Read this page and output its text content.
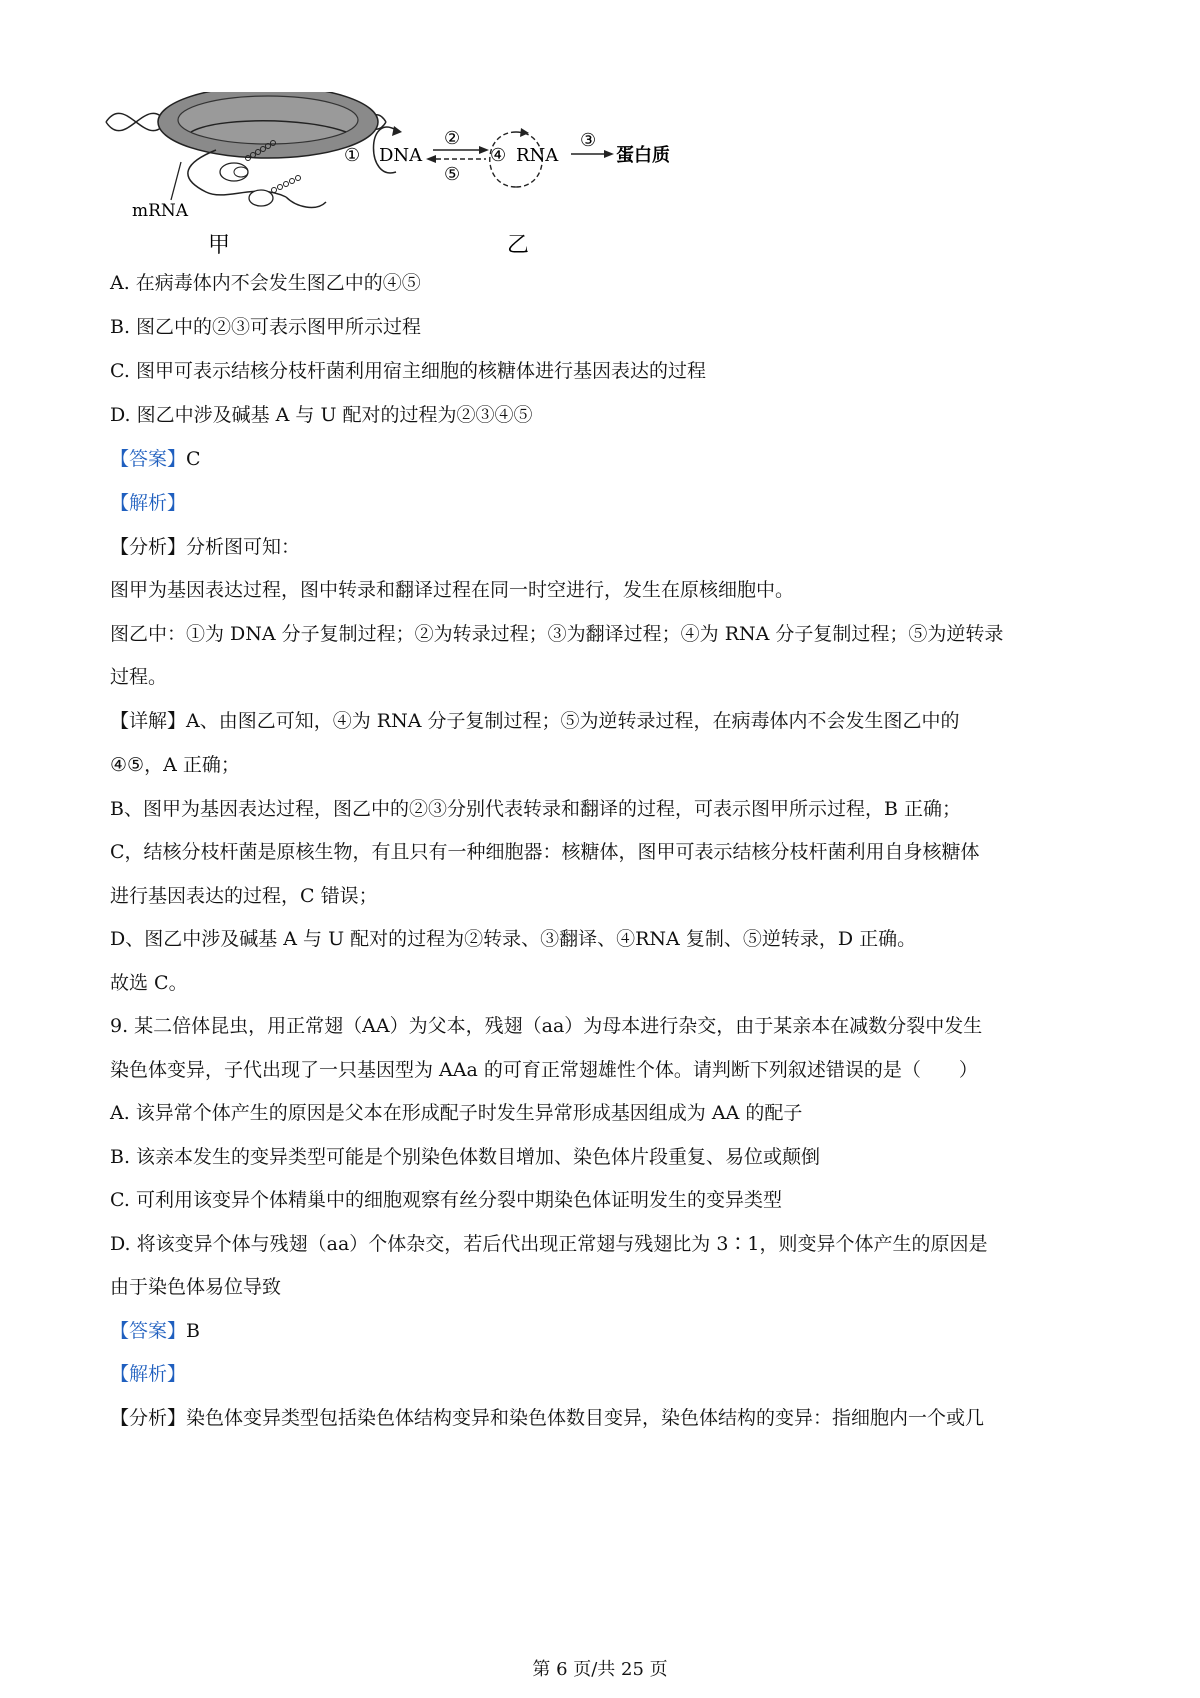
mRNA
甲
① DNA
②
⑤
④ RNA
③
蛋白质
乙
A. 在病毒体内不会发生图乙中的④⑤
B. 图乙中的②③可表示图甲所示过程
C. 图甲可表示结核分枝杆菌利用宿主细胞的核糖体进行基因表达的过程
D. 图乙中涉及碱基 A 与 U 配对的过程为②③④⑤
【答案】C
【解析】
【分析】分析图可知：
图甲为基因表达过程，图中转录和翻译过程在同一时空进行，发生在原核细胞中。
图乙中：①为 DNA 分子复制过程；②为转录过程；③为翻译过程；④为 RNA 分子复制过程；⑤为逆转录
过程。
【详解】A、由图乙可知，④为 RNA 分子复制过程；⑤为逆转录过程，在病毒体内不会发生图乙中的
④⑤，A 正确；
B、图甲为基因表达过程，图乙中的②③分别代表转录和翻译的过程，可表示图甲所示过程，B 正确；
C，结核分枝杆菌是原核生物，有且只有一种细胞器：核糖体，图甲可表示结核分枝杆菌利用自身核糖体
进行基因表达的过程，C 错误；
D、图乙中涉及碱基 A 与 U 配对的过程为②转录、③翻译、④RNA 复制、⑤逆转录，D 正确。
故选 C。
9. 某二倍体昆虫，用正常翅（AA）为父本，残翅（aa）为母本进行杂交，由于某亲本在减数分裂中发生
染色体变异，子代出现了一只基因型为 AAa 的可育正常翅雄性个体。请判断下列叙述错误的是（　　）
A. 该异常个体产生的原因是父本在形成配子时发生异常形成基因组成为 AA 的配子
B. 该亲本发生的变异类型可能是个别染色体数目增加、染色体片段重复、易位或颠倒
C. 可利用该变异个体精巢中的细胞观察有丝分裂中期染色体证明发生的变异类型
D. 将该变异个体与残翅（aa）个体杂交，若后代出现正常翅与残翅比为 3∶1，则变异个体产生的原因是
由于染色体易位导致
【答案】B
【解析】
【分析】染色体变异类型包括染色体结构变异和染色体数目变异，染色体结构的变异：指细胞内一个或几
第 6 页/共 25 页
